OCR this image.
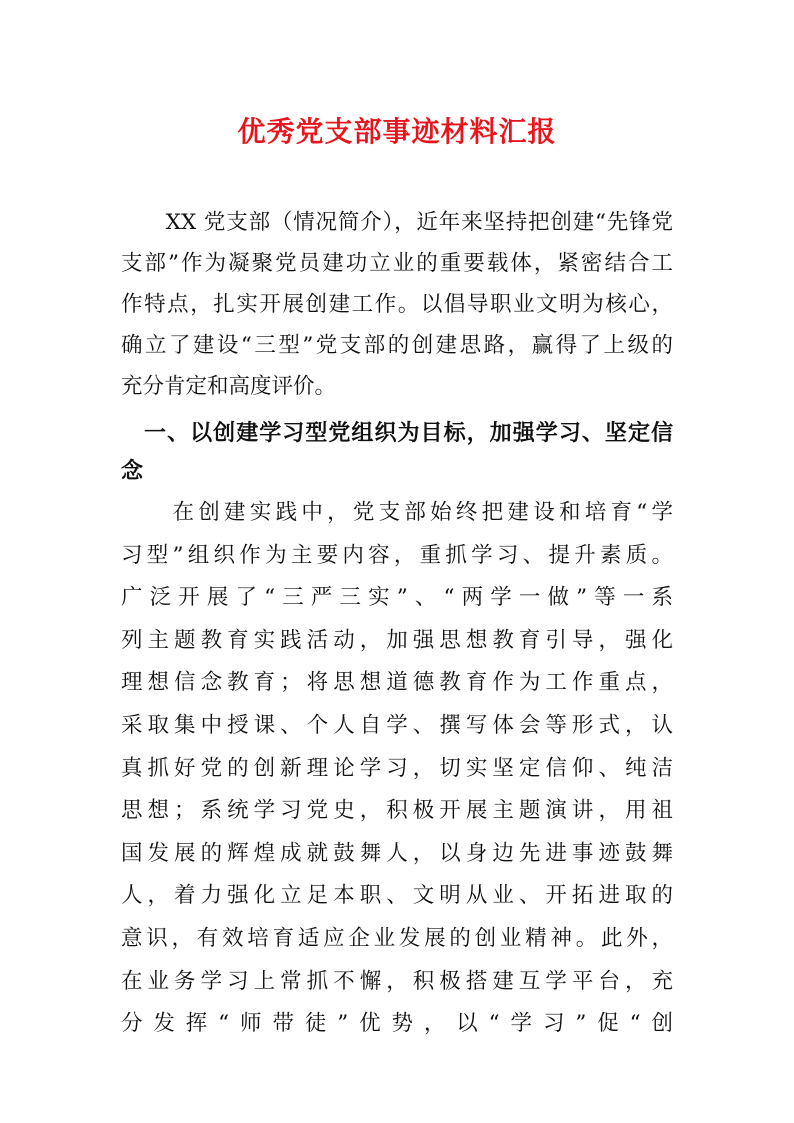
优秀党支部事迹材料汇报
　　XX 党支部（情况简介），近年来坚持把创建“先锋党
支部”作为凝聚党员建功立业的重要载体，紧密结合工
作特点，扎实开展创建工作。以倡导职业文明为核心，
确立了建设“三型”党支部的创建思路，赢得了上级的
充分肯定和高度评价。
　一、以创建学习型党组织为目标，加强学习、坚定信
念
　　在创建实践中，党支部始终把建设和培育“学
习型”组织作为主要内容，重抓学习、提升素质。
广泛开展了“三严三实”、“两学一做”等一系
列主题教育实践活动，加强思想教育引导，强化
理想信念教育；将思想道德教育作为工作重点，
采取集中授课、个人自学、撰写体会等形式，认
真抓好党的创新理论学习，切实坚定信仰、纯洁
思想；系统学习党史，积极开展主题演讲，用祖
国发展的辉煌成就鼓舞人，以身边先进事迹鼓舞
人，着力强化立足本职、文明从业、开拓进取的
意识，有效培育适应企业发展的创业精神。此外，
在业务学习上常抓不懈，积极搭建互学平台，充
分发挥“师带徒”优势，以“学习”促“创
